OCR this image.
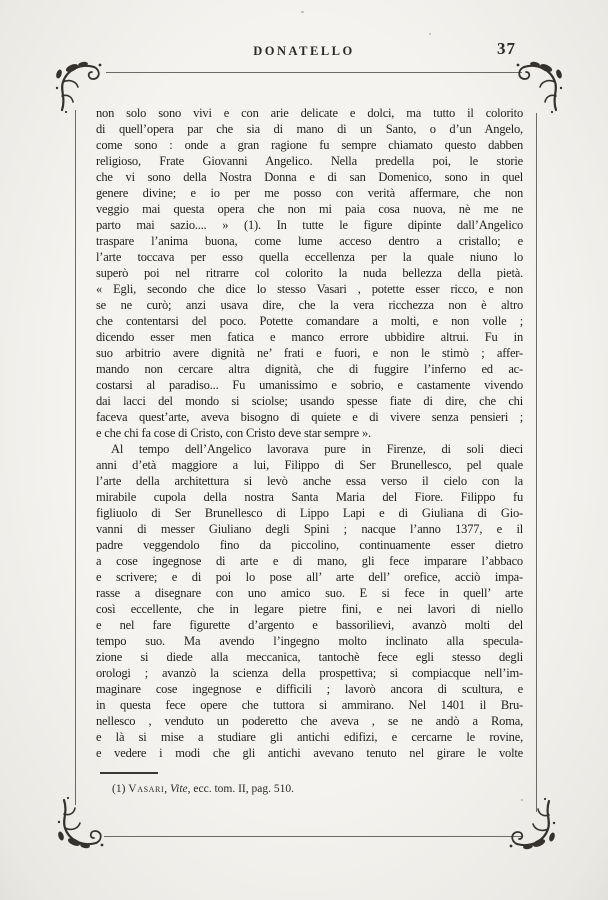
DONATELLO	37
non solo sono vivi e con arie delicate e dolci, ma tutto il colorito
di quell’opera par che sia di mano di un Santo, o d’un Angelo,
come sono : onde a gran ragione fu sempre chiamato questo dabben
religioso, Frate Giovanni Angelico. Nella predella poi, le storie
che vi sono della Nostra Donna e di san Domenico, sono in quel
genere divine; e io per me posso con verità affermare, che non
veggio mai questa opera che non mi paia cosa nuova, nè me ne
parto mai sazio.... » (1). In tutte le figure dipinte dall’Angelico
traspare l’anima buona, come lume acceso dentro a cristallo; e
l’arte toccava per esso quella eccellenza per la quale niuno lo
superò poi nel ritrarre col colorito la nuda bellezza della pietà.
« Egli, secondo che dice lo stesso Vasari , potette esser ricco, e non
se ne curò; anzi usava dire, che la vera ricchezza non è altro
che contentarsi del poco. Potette comandare a molti, e non volle ;
dicendo esser men fatica e manco errore ubbidire altrui. Fu in
suo arbitrio avere dignità ne’ frati e fuori, e non le stimò ; affer-
mando non cercare altra dignità, che di fuggire l’inferno ed ac-
costarsi al paradiso... Fu umanissimo e sobrio, e castamente vivendo
dai lacci del mondo si sciolse; usando spesse fiate di dire, che chi
faceva quest’arte, aveva bisogno di quiete e di vivere senza pensieri ;
e che chi fa cose di Cristo, con Cristo deve star sempre ».
Al tempo dell’Angelico lavorava pure in Firenze, di soli dieci
anni d’età maggiore a lui, Filippo di Ser Brunellesco, pel quale
l’arte della architettura si levò anche essa verso il cielo con la
mirabile cupola della nostra Santa Maria del Fiore. Filippo fu
figliuolo di Ser Brunellesco di Lippo Lapi e di Giuliana di Gio-
vanni di messer Giuliano degli Spini ; nacque l’anno 1377, e il
padre veggendolo fino da piccolino, continuamente esser dietro
a cose ingegnose di arte e di mano, gli fece imparare l’abbaco
e scrivere; e di poi lo pose all’ arte dell’ orefice, acciò impa-
rasse a disegnare con uno amico suo. E si fece in quell’ arte
così eccellente, che in legare pietre fini, e nei lavori di niello
e nel fare figurette d’argento e bassorilievi, avanzò molti del
tempo suo. Ma avendo l’ingegno molto inclinato alla specula-
zione si diede alla meccanica, tantochè fece egli stesso degli
orologi ; avanzò la scienza della prospettiva; si compiacque nell’im-
maginare cose ingegnose e difficili ; lavorò ancora di scultura, e
in questa fece opere che tuttora si ammirano. Nel 1401 il Bru-
nellesco , venduto un poderetto che aveva , se ne andò a Roma,
e là si mise a studiare gli antichi edifizi, e cercarne le rovine,
e vedere i modi che gli antichi avevano tenuto nel girare le volte
(1) Vasari, Vite, ecc. tom. II, pag. 510.
